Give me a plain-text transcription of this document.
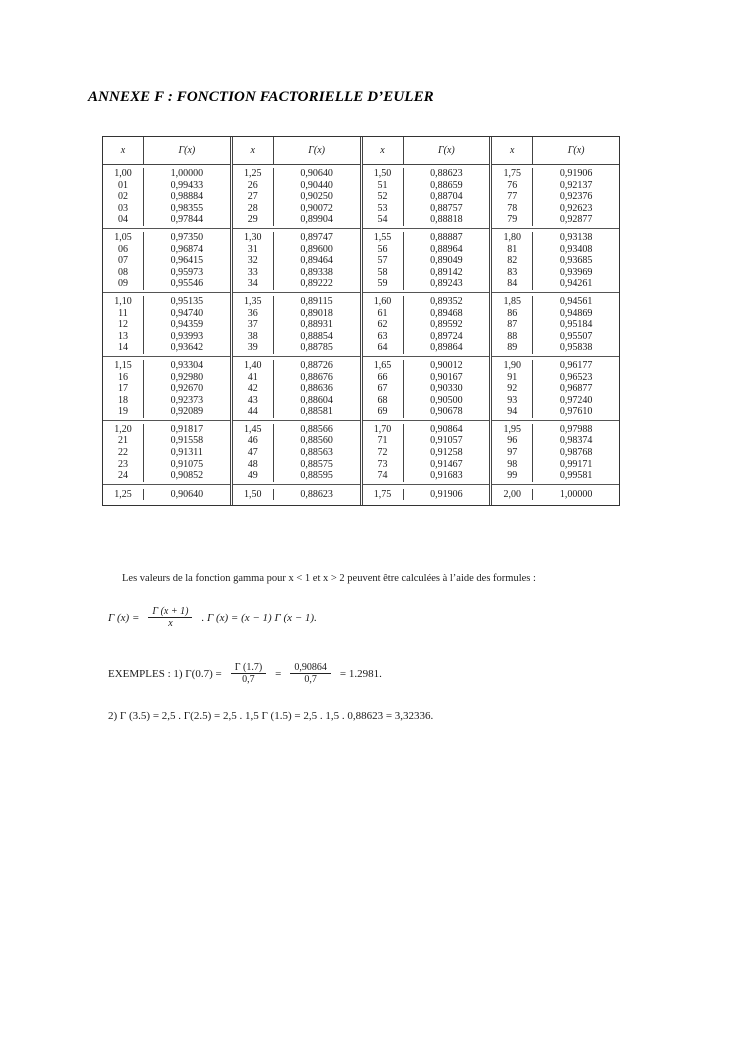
ANNEXE F : FONCTION FACTORIELLE D’EULER
x	Γ(x)
1,00	1,00000
01	0,99433
02	0,98884
03	0,98355
04	0,97844
1,05	0,97350
06	0,96874
07	0,96415
08	0,95973
09	0,95546
1,10	0,95135
11	0,94740
12	0,94359
13	0,93993
14	0,93642
1,15	0,93304
16	0,92980
17	0,92670
18	0,92373
19	0,92089
1,20	0,91817
21	0,91558
22	0,91311
23	0,91075
24	0,90852
1,25	0,90640
x	Γ(x)
1,25	0,90640
26	0,90440
27	0,90250
28	0,90072
29	0,89904
1,30	0,89747
31	0,89600
32	0,89464
33	0,89338
34	0,89222
1,35	0,89115
36	0,89018
37	0,88931
38	0,88854
39	0,88785
1,40	0,88726
41	0,88676
42	0,88636
43	0,88604
44	0,88581
1,45	0,88566
46	0,88560
47	0,88563
48	0,88575
49	0,88595
1,50	0,88623
x	Γ(x)
1,50	0,88623
51	0,88659
52	0,88704
53	0,88757
54	0,88818
1,55	0,88887
56	0,88964
57	0,89049
58	0,89142
59	0,89243
1,60	0,89352
61	0,89468
62	0,89592
63	0,89724
64	0,89864
1,65	0,90012
66	0,90167
67	0,90330
68	0,90500
69	0,90678
1,70	0,90864
71	0,91057
72	0,91258
73	0,91467
74	0,91683
1,75	0,91906
x	Γ(x)
1,75	0,91906
76	0,92137
77	0,92376
78	0,92623
79	0,92877
1,80	0,93138
81	0,93408
82	0,93685
83	0,93969
84	0,94261
1,85	0,94561
86	0,94869
87	0,95184
88	0,95507
89	0,95838
1,90	0,96177
91	0,96523
92	0,96877
93	0,97240
94	0,97610
1,95	0,97988
96	0,98374
97	0,98768
98	0,99171
99	0,99581
2,00	1,00000
Les valeurs de la fonction gamma pour x < 1 et x > 2 peuvent être calculées à l’aide des formules :
Γ $(x) = \frac{\Gamma (x + 1)}{x}$ . Γ (x) = (x − 1) Γ (x − 1).
EXEMPLES : 1) $\Gamma(0.7) = \frac{\Gamma (1.7)}{0,7} = \frac{0,90864}{0,7} = 1.2981$.
2) Γ (3.5) = 2,5 . Γ(2.5) = 2,5 . 1,5 Γ (1.5) = 2,5 . 1,5 . 0,88623 = 3,32336.
